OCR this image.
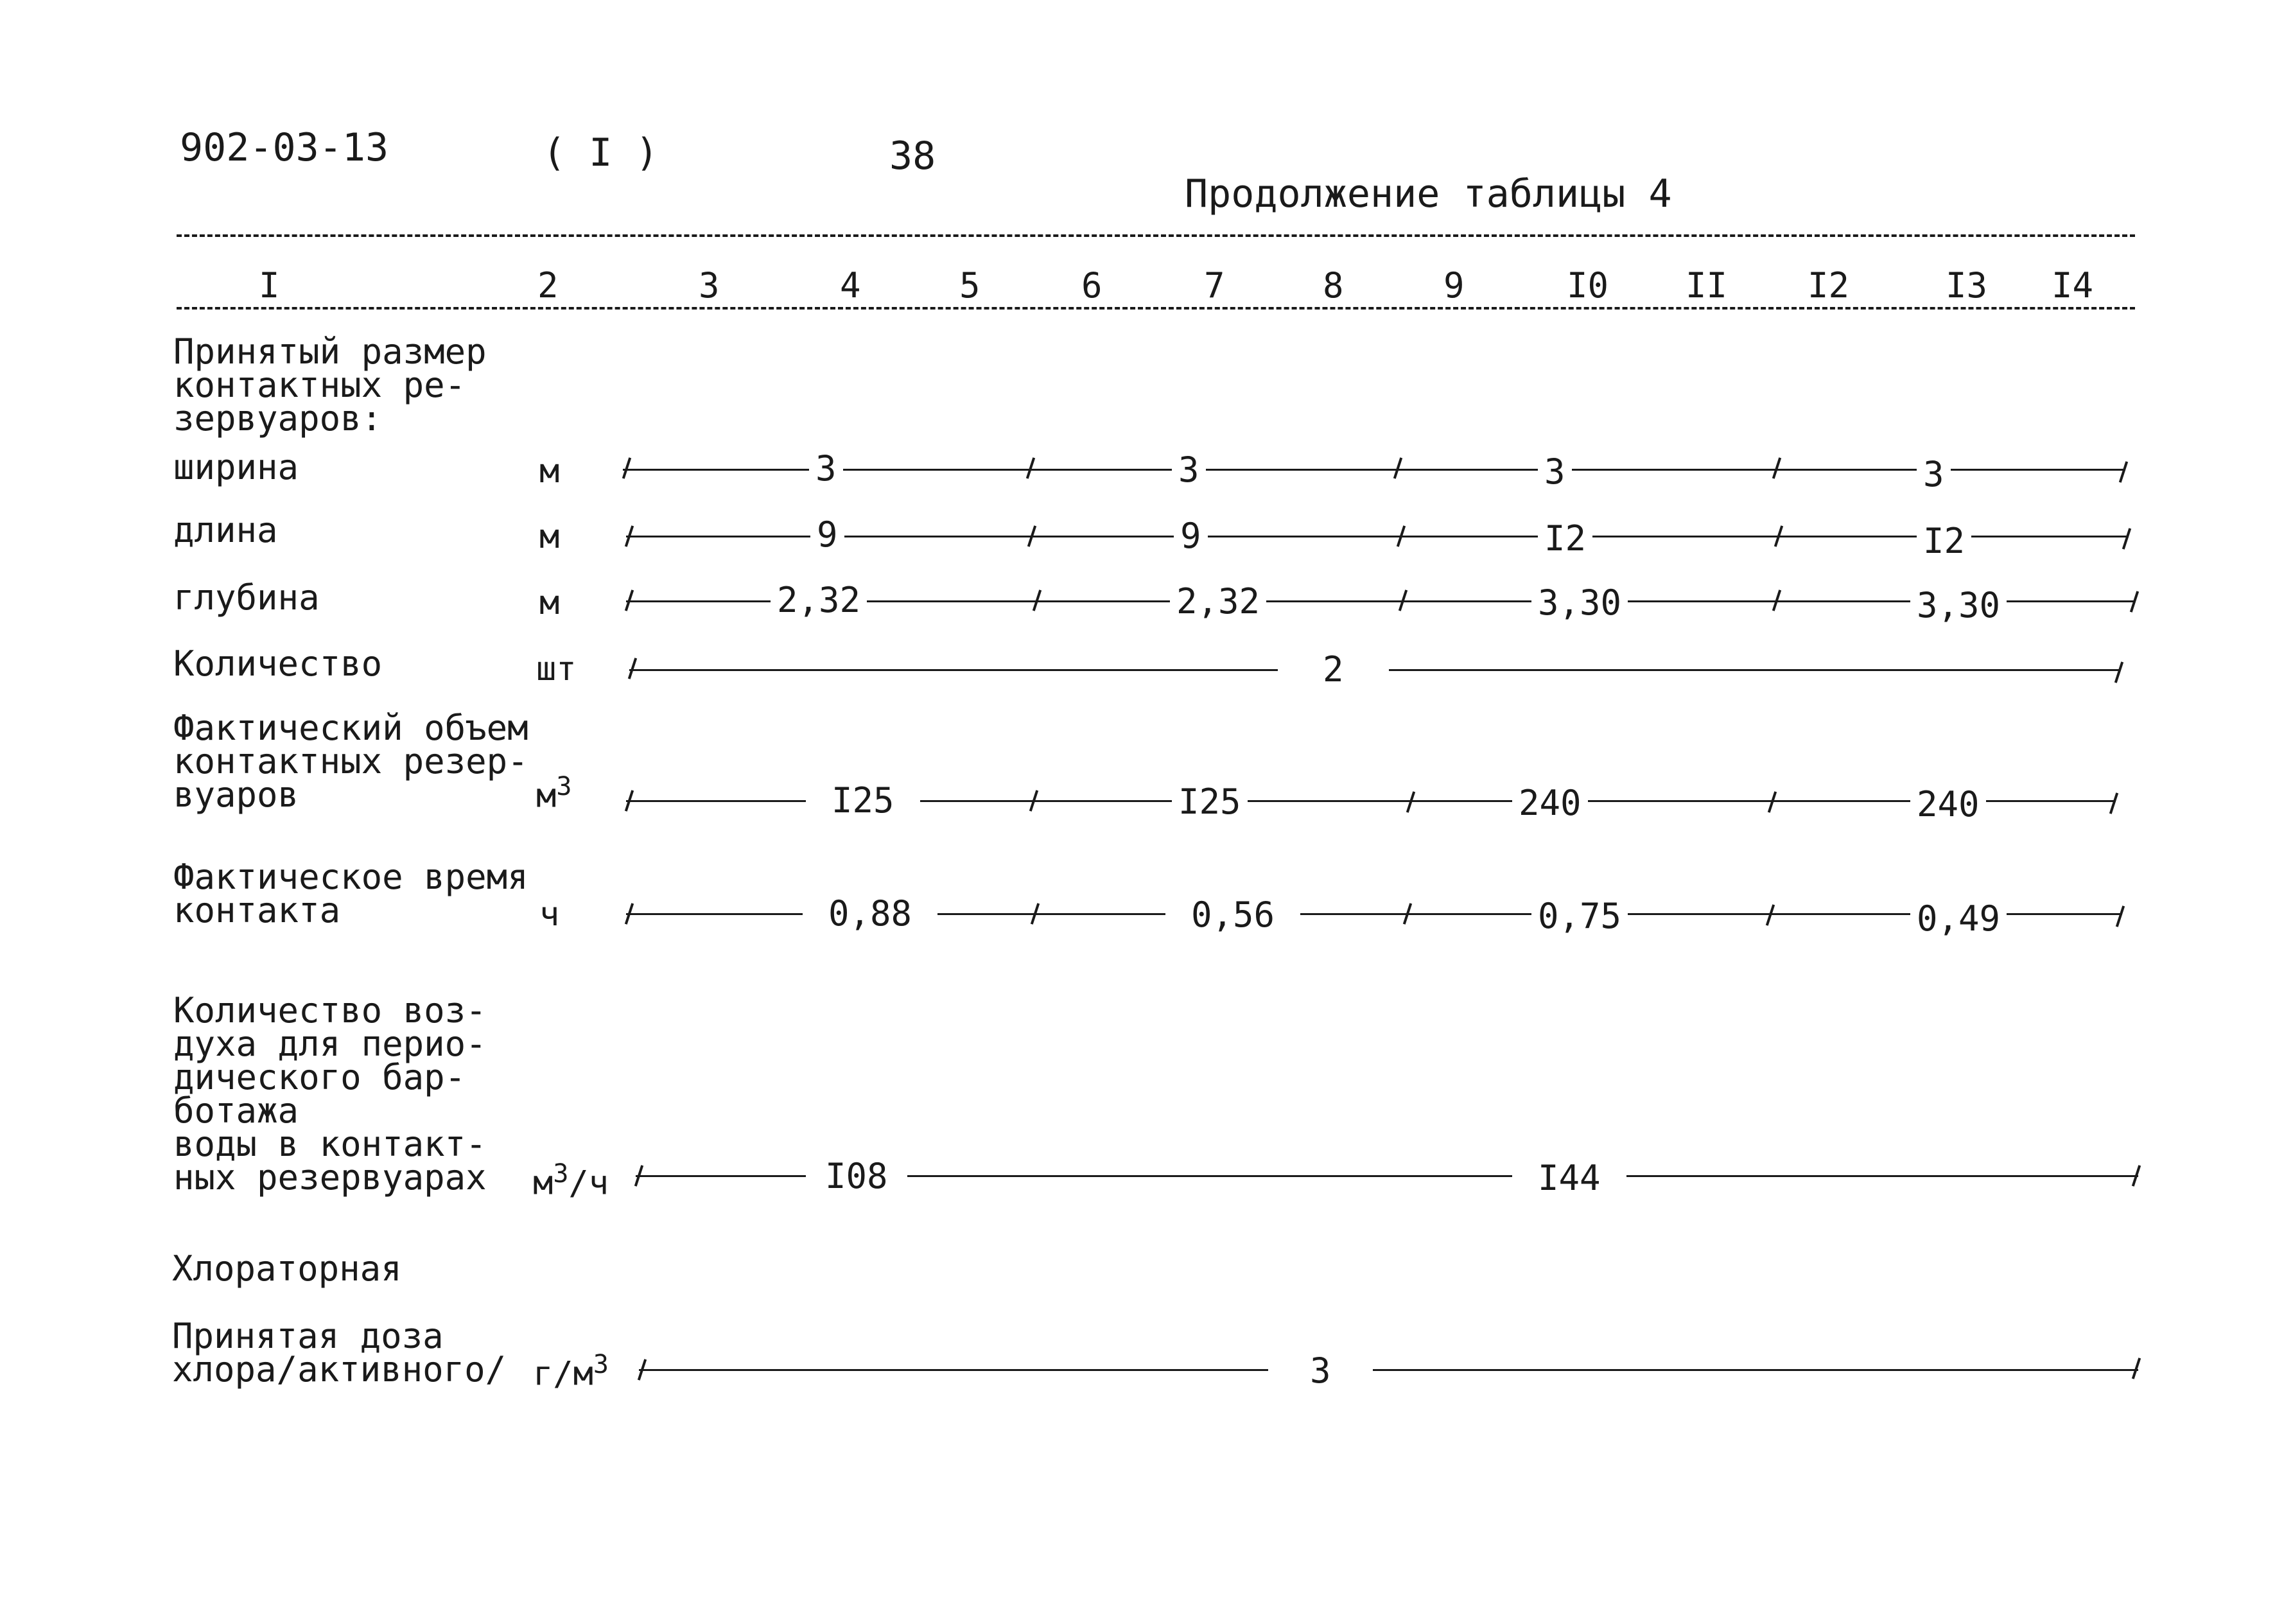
902-03-13	( I )	38
Продолжение таблицы 4
I	2	3	4	5	6	7	8	9	I0 II I2	I3 I4
Принятый размер
контактных ре-
зервуаров:
ширина	м	3	3	3	3
длина	м	9	9	I2	I2
глубина	м	2,32	2,32	3,30	3,30
Количество	шт	2
Фактический объем
контактных резер-
вуаров	$м^3$	I25	I25	240	240
Фактическое время
контакта	ч	0,88	0,56	0,75	0,49
Количество воз-
духа для перио-
дического бар-
ботажа
воды в контакт-
ных резервуарах $м^3/ч$	I08	I44
Хлораторная
Принятая доза
хлора/активного/ $г/м^3$	3
